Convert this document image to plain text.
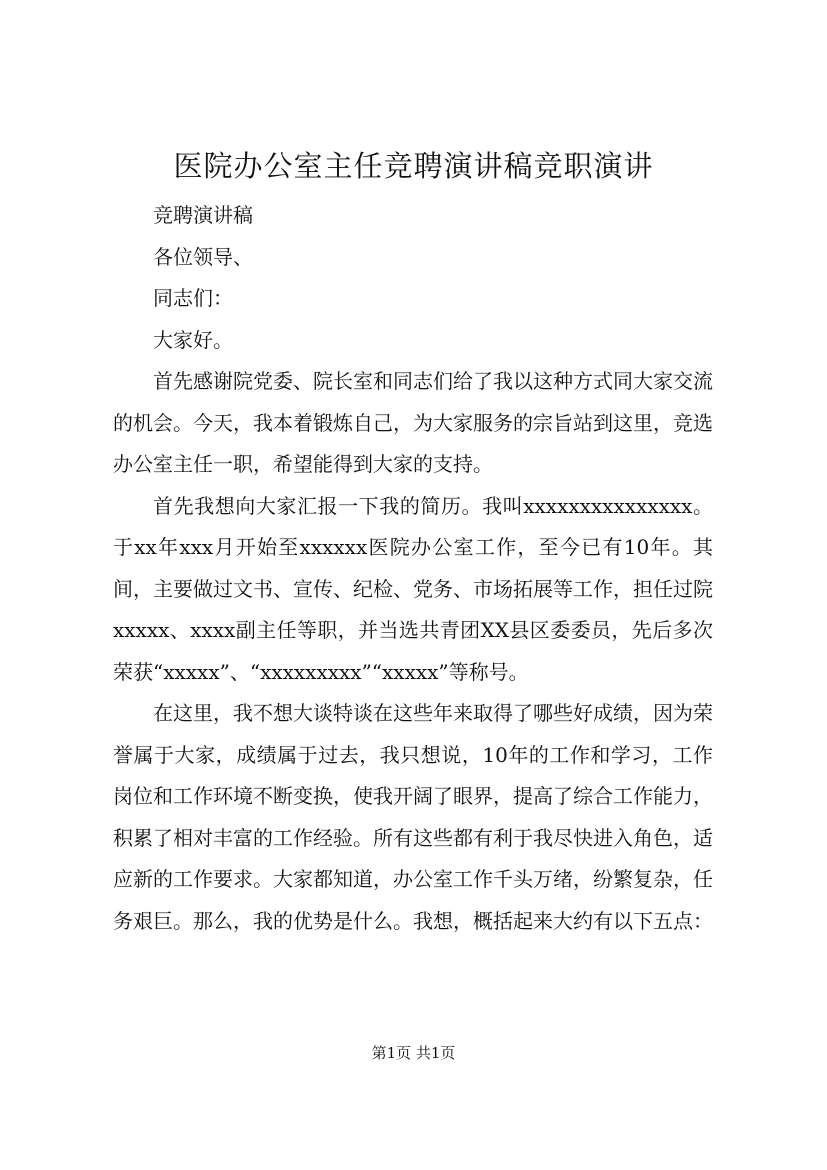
医院办公室主任竞聘演讲稿竞职演讲

竞聘演讲稿

各位领导、

同志们：

大家好。

首先感谢院党委、院长室和同志们给了我以这种方式同大家交流的机会。今天，我本着锻炼自己，为大家服务的宗旨站到这里，竞选办公室主任一职，希望能得到大家的支持。

首先我想向大家汇报一下我的简历。我叫xxxxxxxxxxxxxxx。于xx年xxx月开始至xxxxxx医院办公室工作，至今已有10年。其间，主要做过文书、宣传、纪检、党务、市场拓展等工作，担任过院xxxxx、xxxx副主任等职，并当选共青团XX县区委委员，先后多次荣获“xxxxx”、“xxxxxxxxx”“xxxxx”等称号。

在这里，我不想大谈特谈在这些年来取得了哪些好成绩，因为荣誉属于大家，成绩属于过去，我只想说，10年的工作和学习，工作岗位和工作环境不断变换，使我开阔了眼界，提高了综合工作能力，积累了相对丰富的工作经验。所有这些都有利于我尽快进入角色，适应新的工作要求。大家都知道，办公室工作千头万绪，纷繁复杂，任务艰巨。那么，我的优势是什么。我想，概括起来大约有以下五点：

第1页 共1页
